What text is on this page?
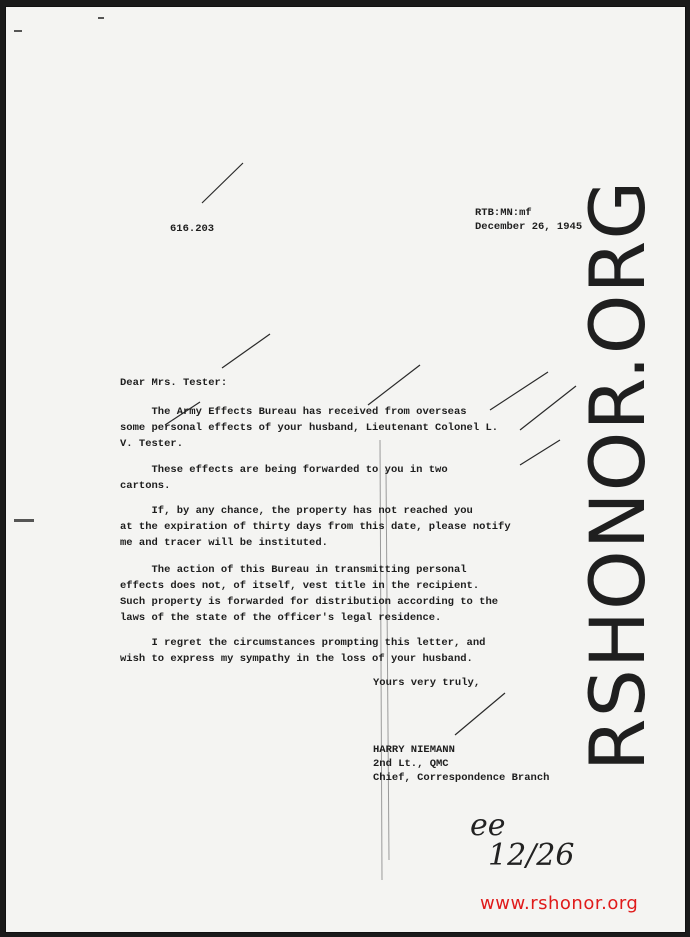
616.203
RTB:MN:mf
December 26, 1945
Dear Mrs. Tester:
The Army Effects Bureau has received from overseas
some personal effects of your husband, Lieutenant Colonel L.
V. Tester.
These effects are being forwarded to you in two
cartons.
If, by any chance, the property has not reached you
at the expiration of thirty days from this date, please notify
me and tracer will be instituted.
The action of this Bureau in transmitting personal
effects does not, of itself, vest title in the recipient.
Such property is forwarded for distribution according to the
laws of the state of the officer's legal residence.
I regret the circumstances prompting this letter, and
wish to express my sympathy in the loss of your husband.
Yours very truly,
HARRY NIEMANN
2nd Lt., QMC
Chief, Correspondence Branch
ee
12/26
RSHONOR.ORG
www.rshonor.org
